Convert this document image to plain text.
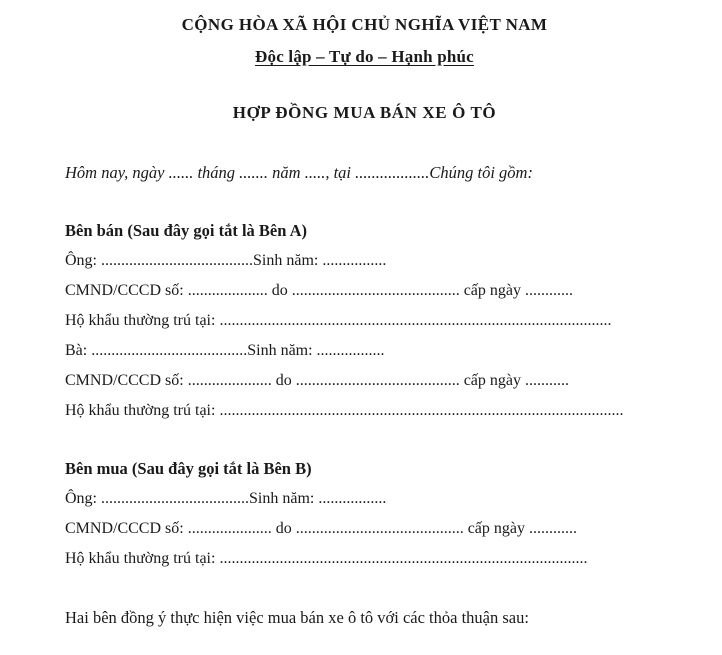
CỘNG HÒA XÃ HỘI CHỦ NGHĨA VIỆT NAM
Độc lập – Tự do – Hạnh phúc
HỢP ĐỒNG MUA BÁN XE Ô TÔ
Hôm nay, ngày ...... tháng ....... năm ....., tại ..................Chúng tôi gồm:
Bên bán (Sau đây gọi tắt là Bên A)
Ông: ......................................Sinh năm: ................
CMND/CCCD số: .................... do .......................................... cấp ngày ............
Hộ khẩu thường trú tại: ..................................................................................................
Bà: .......................................Sinh năm: .................
CMND/CCCD số: ..................... do ......................................... cấp ngày ...........
Hộ khẩu thường trú tại: .....................................................................................................
Bên mua (Sau đây gọi tắt là Bên B)
Ông: .....................................Sinh năm: .................
CMND/CCCD số: ..................... do .......................................... cấp ngày ............
Hộ khẩu thường trú tại: ............................................................................................
Hai bên đồng ý thực hiện việc mua bán xe ô tô với các thỏa thuận sau:
